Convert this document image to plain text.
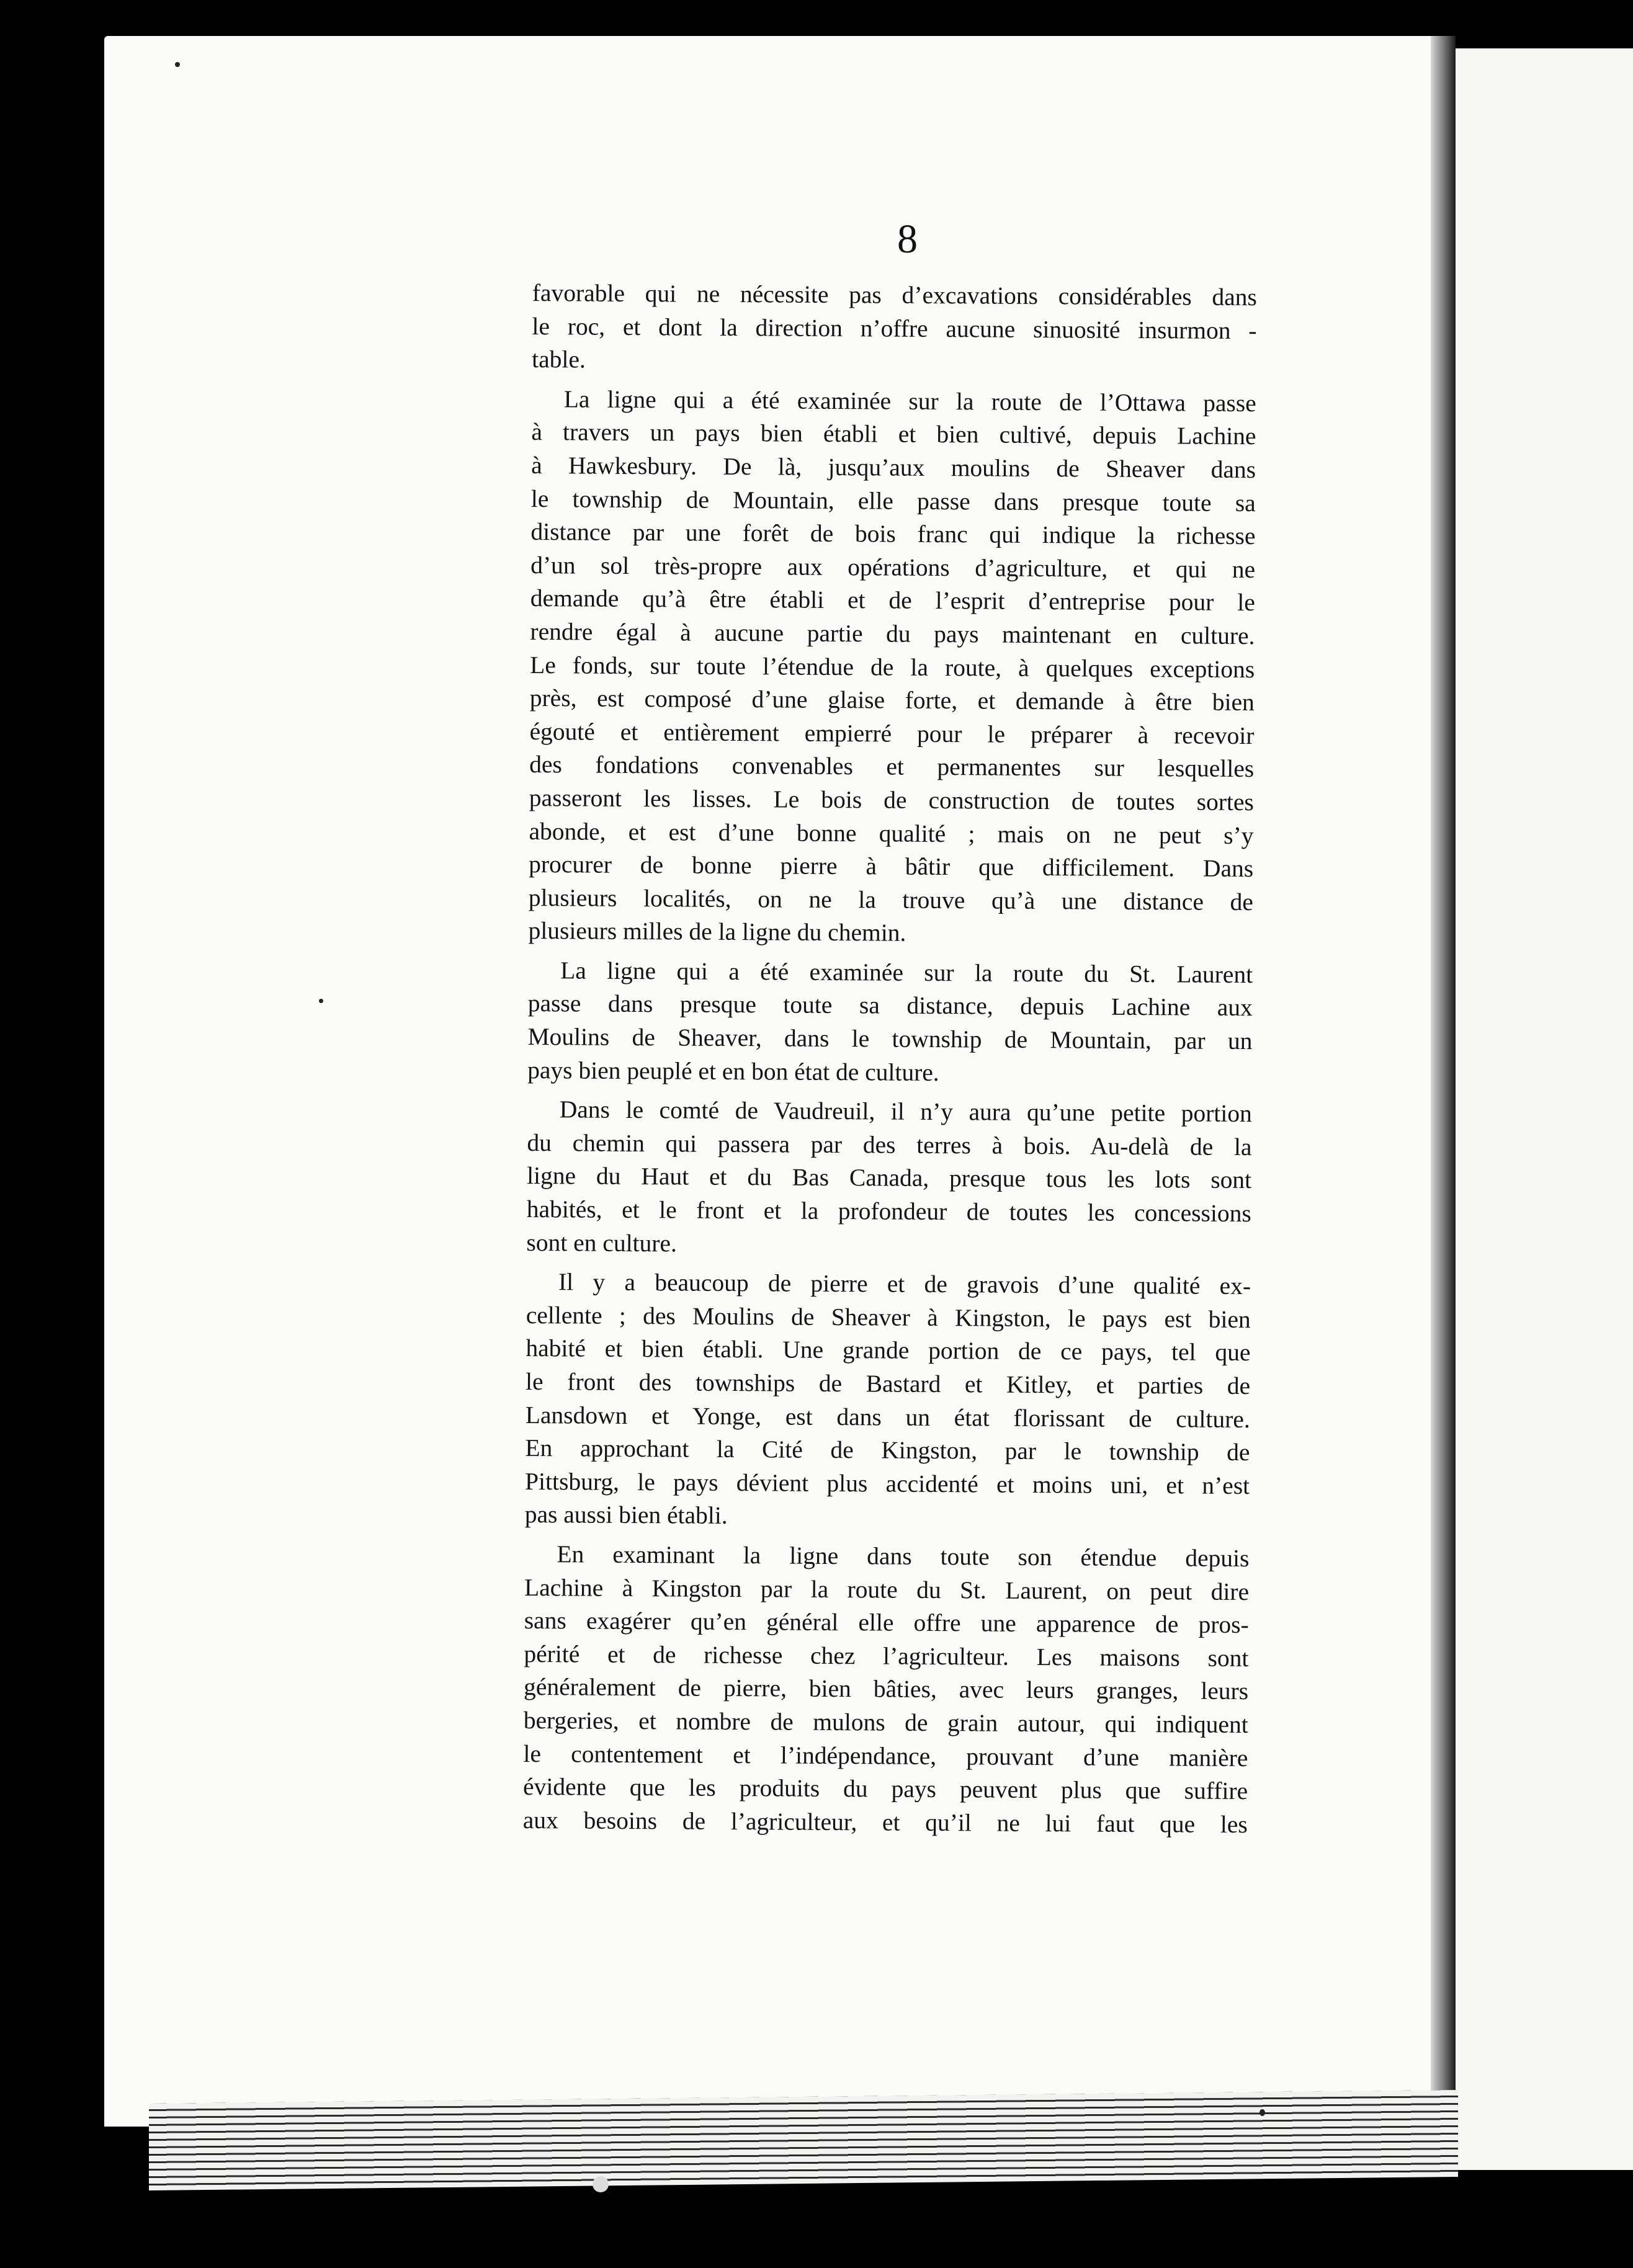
8

favorable qui ne nécessite pas d’excavations considérables dans
le roc, et dont la direction n’offre aucune sinuosité insurmon -
table.
La ligne qui a été examinée sur la route de l’Ottawa passe
à travers un pays bien établi et bien cultivé, depuis Lachine
à Hawkesbury. De là, jusqu’aux moulins de Sheaver dans
le township de Mountain, elle passe dans presque toute sa
distance par une forêt de bois franc qui indique la richesse
d’un sol très-propre aux opérations d’agriculture, et qui ne
demande qu’à être établi et de l’esprit d’entreprise pour le
rendre égal à aucune partie du pays maintenant en culture.
Le fonds, sur toute l’étendue de la route, à quelques exceptions
près, est composé d’une glaise forte, et demande à être bien
égouté et entièrement empierré pour le préparer à recevoir
des fondations convenables et permanentes sur lesquelles
passeront les lisses. Le bois de construction de toutes sortes
abonde, et est d’une bonne qualité ; mais on ne peut s’y
procurer de bonne pierre à bâtir que difficilement. Dans
plusieurs localités, on ne la trouve qu’à une distance de
plusieurs milles de la ligne du chemin.
La ligne qui a été examinée sur la route du St. Laurent
passe dans presque toute sa distance, depuis Lachine aux
Moulins de Sheaver, dans le township de Mountain, par un
pays bien peuplé et en bon état de culture.
Dans le comté de Vaudreuil, il n’y aura qu’une petite portion
du chemin qui passera par des terres à bois. Au-delà de la
ligne du Haut et du Bas Canada, presque tous les lots sont
habités, et le front et la profondeur de toutes les concessions
sont en culture.
Il y a beaucoup de pierre et de gravois d’une qualité ex-
cellente ; des Moulins de Sheaver à Kingston, le pays est bien
habité et bien établi. Une grande portion de ce pays, tel que
le front des townships de Bastard et Kitley, et parties de
Lansdown et Yonge, est dans un état florissant de culture.
En approchant la Cité de Kingston, par le township de
Pittsburg, le pays dévient plus accidenté et moins uni, et n’est
pas aussi bien établi.
En examinant la ligne dans toute son étendue depuis
Lachine à Kingston par la route du St. Laurent, on peut dire
sans exagérer qu’en général elle offre une apparence de pros-
périté et de richesse chez l’agriculteur. Les maisons sont
généralement de pierre, bien bâties, avec leurs granges, leurs
bergeries, et nombre de mulons de grain autour, qui indiquent
le contentement et l’indépendance, prouvant d’une manière
évidente que les produits du pays peuvent plus que suffire
aux besoins de l’agriculteur, et qu’il ne lui faut que les
